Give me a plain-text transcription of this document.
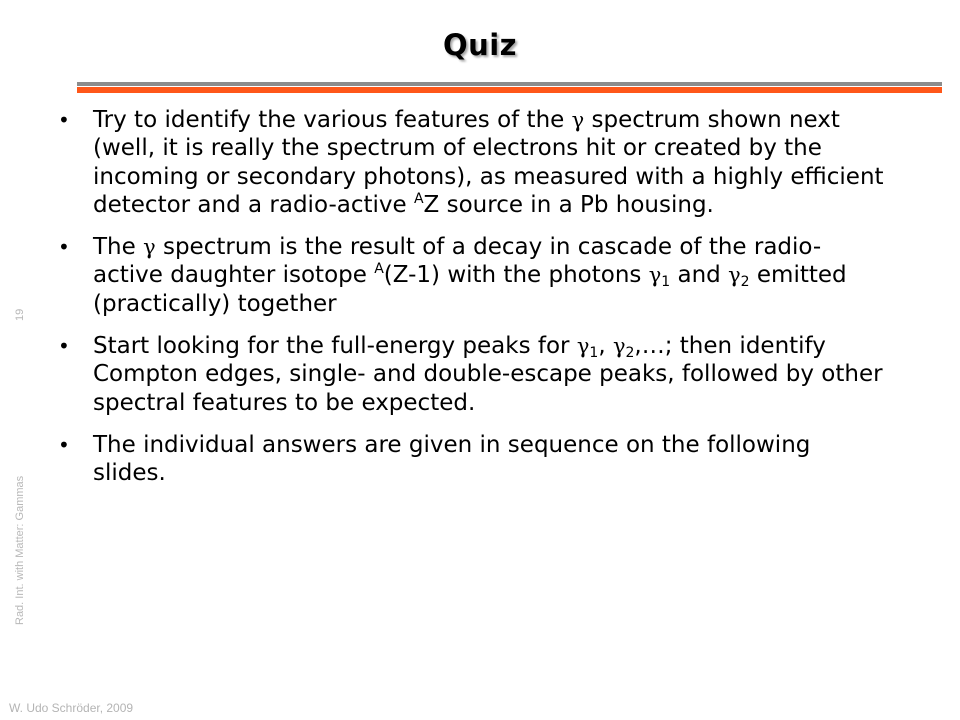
Quiz
• Try to identify the various features of the γ spectrum shown next (well, it is really the spectrum of electrons hit or created by the incoming or secondary photons), as measured with a highly efficient detector and a radio-active $^A$Z source in a Pb housing.
• The γ spectrum is the result of a decay in cascade of the radio-active daughter isotope $^A$(Z-1) with the photons $\gamma_1$ and $\gamma_2$ emitted (practically) together
• Start looking for the full-energy peaks for $\gamma_1$, $\gamma_2,\dots$; then identify Compton edges, single- and double-escape peaks, followed by other spectral features to be expected.
• The individual answers are given in sequence on the following slides.
19
Rad. Int. with Matter: Gammas
W. Udo Schröder, 2009
